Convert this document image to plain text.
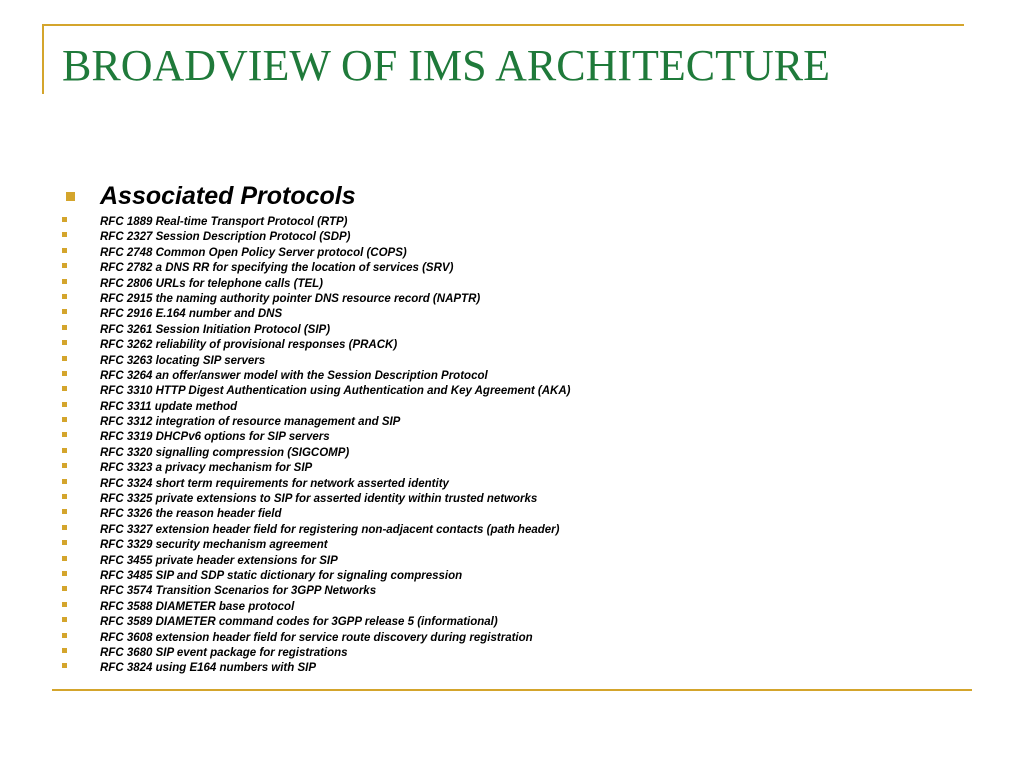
BROADVIEW OF IMS ARCHITECTURE
Associated Protocols
RFC 1889 Real-time Transport Protocol (RTP)
RFC 2327 Session Description Protocol (SDP)
RFC 2748 Common Open Policy Server protocol (COPS)
RFC 2782 a DNS RR for specifying the location of services (SRV)
RFC 2806 URLs for telephone calls (TEL)
RFC 2915 the naming authority pointer DNS resource record (NAPTR)
RFC 2916 E.164 number and DNS
RFC 3261 Session Initiation Protocol (SIP)
RFC 3262 reliability of provisional responses (PRACK)
RFC 3263 locating SIP servers
RFC 3264 an offer/answer model with the Session Description Protocol
RFC 3310 HTTP Digest Authentication using Authentication and Key Agreement (AKA)
RFC 3311 update method
RFC 3312 integration of resource management and SIP
RFC 3319 DHCPv6 options for SIP servers
RFC 3320 signalling compression (SIGCOMP)
RFC 3323 a privacy mechanism for SIP
RFC 3324 short term requirements for network asserted identity
RFC 3325 private extensions to SIP for asserted identity within trusted networks
RFC 3326 the reason header field
RFC 3327 extension header field for registering non-adjacent contacts (path header)
RFC 3329 security mechanism agreement
RFC 3455 private header extensions for SIP
RFC 3485 SIP and SDP static dictionary for signaling compression
RFC 3574 Transition Scenarios for 3GPP Networks
RFC 3588 DIAMETER base protocol
RFC 3589 DIAMETER command codes for 3GPP release 5 (informational)
RFC 3608 extension header field for service route discovery during registration
RFC 3680 SIP event package for registrations
RFC 3824 using E164 numbers with SIP
